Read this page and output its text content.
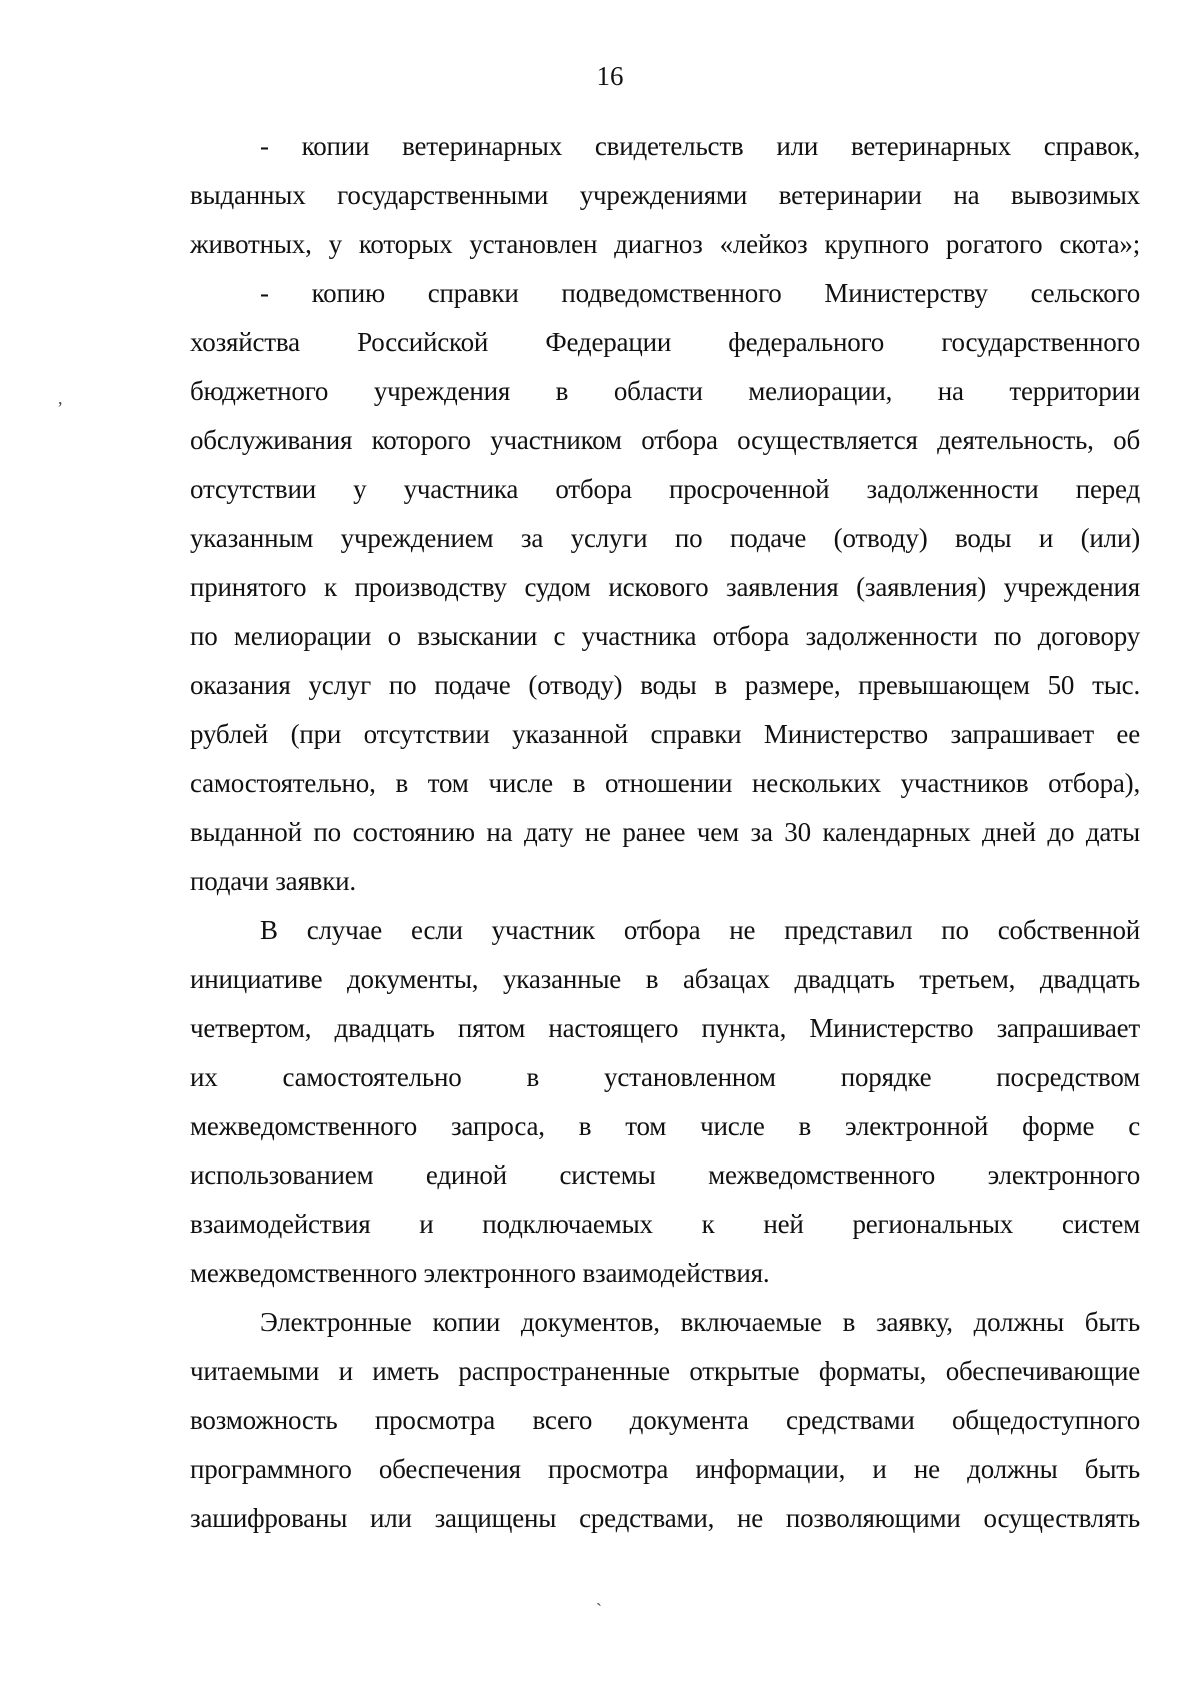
16
,
`
- копии ветеринарных свидетельств или ветеринарных справок,
выданных государственными учреждениями ветеринарии на вывозимых
животных, у которых установлен диагноз «лейкоз крупного рогатого скота»;
- копию справки подведомственного Министерству сельского
хозяйства Российской Федерации федерального государственного
бюджетного учреждения в области мелиорации, на территории
обслуживания которого участником отбора осуществляется деятельность, об
отсутствии у участника отбора просроченной задолженности перед
указанным учреждением за услуги по подаче (отводу) воды и (или)
принятого к производству судом искового заявления (заявления) учреждения
по мелиорации о взыскании с участника отбора задолженности по договору
оказания услуг по подаче (отводу) воды в размере, превышающем 50 тыс.
рублей (при отсутствии указанной справки Министерство запрашивает ее
самостоятельно, в том числе в отношении нескольких участников отбора),
выданной по состоянию на дату не ранее чем за 30 календарных дней до даты
подачи заявки.
В случае если участник отбора не представил по собственной
инициативе документы, указанные в абзацах двадцать третьем, двадцать
четвертом, двадцать пятом настоящего пункта, Министерство запрашивает
их самостоятельно в установленном порядке посредством
межведомственного запроса, в том числе в электронной форме с
использованием единой системы межведомственного электронного
взаимодействия и подключаемых к ней региональных систем
межведомственного электронного взаимодействия.
Электронные копии документов, включаемые в заявку, должны быть
читаемыми и иметь распространенные открытые форматы, обеспечивающие
возможность просмотра всего документа средствами общедоступного
программного обеспечения просмотра информации, и не должны быть
зашифрованы или защищены средствами, не позволяющими осуществлять
